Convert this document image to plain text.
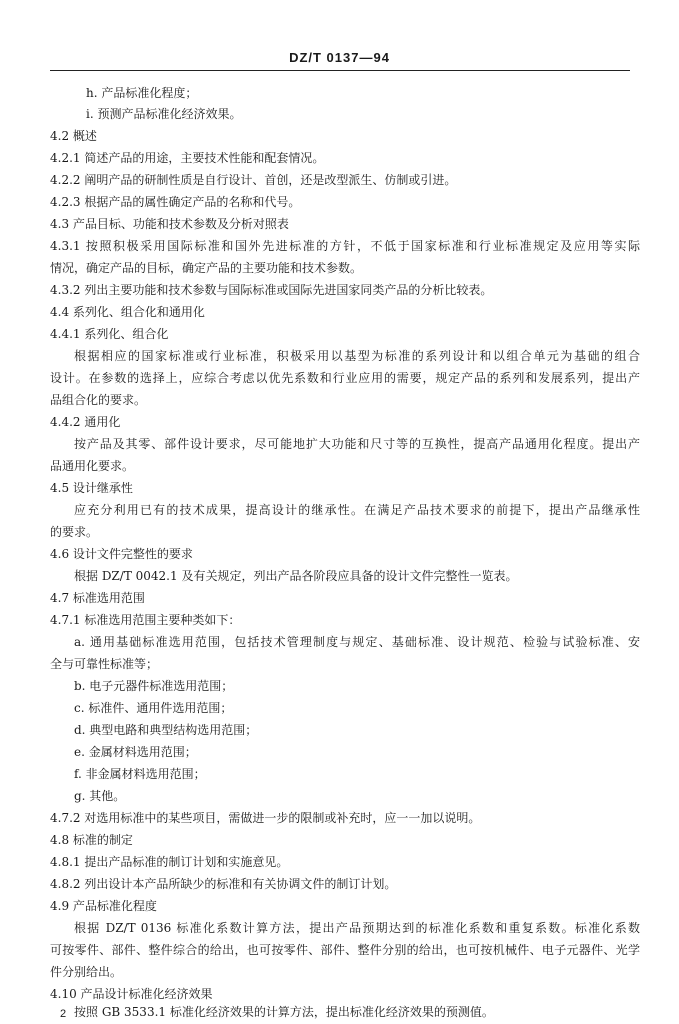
DZ/T 0137—94
h. 产品标准化程度；
i. 预测产品标准化经济效果。
4.2 概述
4.2.1 简述产品的用途，主要技术性能和配套情况。
4.2.2 阐明产品的研制性质是自行设计、首创，还是改型派生、仿制或引进。
4.2.3 根据产品的属性确定产品的名称和代号。
4.3 产品目标、功能和技术参数及分析对照表
4.3.1 按照积极采用国际标准和国外先进标准的方针，不低于国家标准和行业标准规定及应用等实际
情况，确定产品的目标，确定产品的主要功能和技术参数。
4.3.2 列出主要功能和技术参数与国际标准或国际先进国家同类产品的分析比较表。
4.4 系列化、组合化和通用化
4.4.1 系列化、组合化
根据相应的国家标准或行业标准，积极采用以基型为标准的系列设计和以组合单元为基础的组合
设计。在参数的选择上，应综合考虑以优先系数和行业应用的需要，规定产品的系列和发展系列，提出产
品组合化的要求。
4.4.2 通用化
按产品及其零、部件设计要求，尽可能地扩大功能和尺寸等的互换性，提高产品通用化程度。提出产
品通用化要求。
4.5 设计继承性
应充分利用已有的技术成果，提高设计的继承性。在满足产品技术要求的前提下，提出产品继承性
的要求。
4.6 设计文件完整性的要求
根据 DZ/T 0042.1 及有关规定，列出产品各阶段应具备的设计文件完整性一览表。
4.7 标准选用范围
4.7.1 标准选用范围主要种类如下：
a. 通用基础标准选用范围，包括技术管理制度与规定、基础标准、设计规范、检验与试验标准、安
全与可靠性标准等；
b. 电子元器件标准选用范围；
c. 标准件、通用件选用范围；
d. 典型电路和典型结构选用范围；
e. 金属材料选用范围；
f. 非金属材料选用范围；
g. 其他。
4.7.2 对选用标准中的某些项目，需做进一步的限制或补充时，应一一加以说明。
4.8 标准的制定
4.8.1 提出产品标准的制订计划和实施意见。
4.8.2 列出设计本产品所缺少的标准和有关协调文件的制订计划。
4.9 产品标准化程度
根据 DZ/T 0136 标准化系数计算方法，提出产品预期达到的标准化系数和重复系数。标准化系数
可按零件、部件、整件综合的给出，也可按零件、部件、整件分别的给出，也可按机械件、电子元器件、光学
件分别给出。
4.10 产品设计标准化经济效果
按照 GB 3533.1 标准化经济效果的计算方法，提出标准化经济效果的预测值。
2
